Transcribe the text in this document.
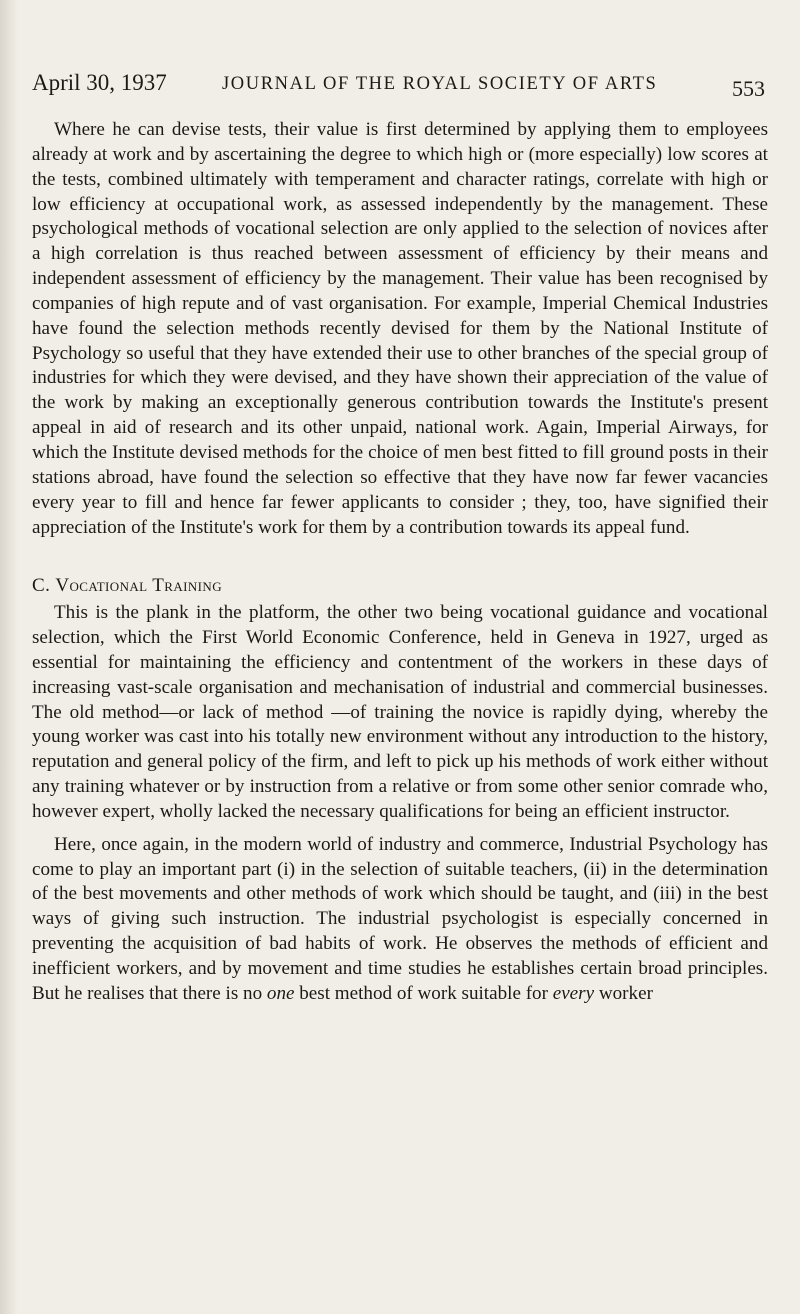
April 30, 1937	JOURNAL OF THE ROYAL SOCIETY OF ARTS	553

Where he can devise tests, their value is first determined by applying them to employees already at work and by ascertaining the degree to which high or (more especially) low scores at the tests, combined ultimately with temperament and character ratings, correlate with high or low efficiency at occupational work, as assessed independently by the management. These psychological methods of vocational selection are only applied to the selection of novices after a high correlation is thus reached between assessment of efficiency by their means and independent assessment of efficiency by the management. Their value has been recognised by companies of high repute and of vast organisation. For example, Imperial Chemical Industries have found the selection methods recently devised for them by the National Institute of Psychology so useful that they have extended their use to other branches of the special group of industries for which they were devised, and they have shown their appreciation of the value of the work by making an exceptionally generous contribution towards the Institute's present appeal in aid of research and its other unpaid, national work. Again, Imperial Airways, for which the Institute devised methods for the choice of men best fitted to fill ground posts in their stations abroad, have found the selection so effective that they have now far fewer vacancies every year to fill and hence far fewer applicants to consider ; they, too, have signified their appreciation of the Institute's work for them by a contribution towards its appeal fund.

C. Vocational Training

This is the plank in the platform, the other two being vocational guidance and vocational selection, which the First World Economic Conference, held in Geneva in 1927, urged as essential for maintaining the efficiency and contentment of the workers in these days of increasing vast-scale organisation and mechanisation of industrial and commercial businesses. The old method—or lack of method —of training the novice is rapidly dying, whereby the young worker was cast into his totally new environment without any introduction to the history, reputation and general policy of the firm, and left to pick up his methods of work either without any training whatever or by instruction from a relative or from some other senior comrade who, however expert, wholly lacked the necessary qualifications for being an efficient instructor.

Here, once again, in the modern world of industry and commerce, Industrial Psychology has come to play an important part (i) in the selection of suitable teachers, (ii) in the determination of the best movements and other methods of work which should be taught, and (iii) in the best ways of giving such instruction. The industrial psychologist is especially concerned in preventing the acquisition of bad habits of work. He observes the methods of efficient and inefficient workers, and by movement and time studies he establishes certain broad principles. But he realises that there is no one best method of work suitable for every worker
